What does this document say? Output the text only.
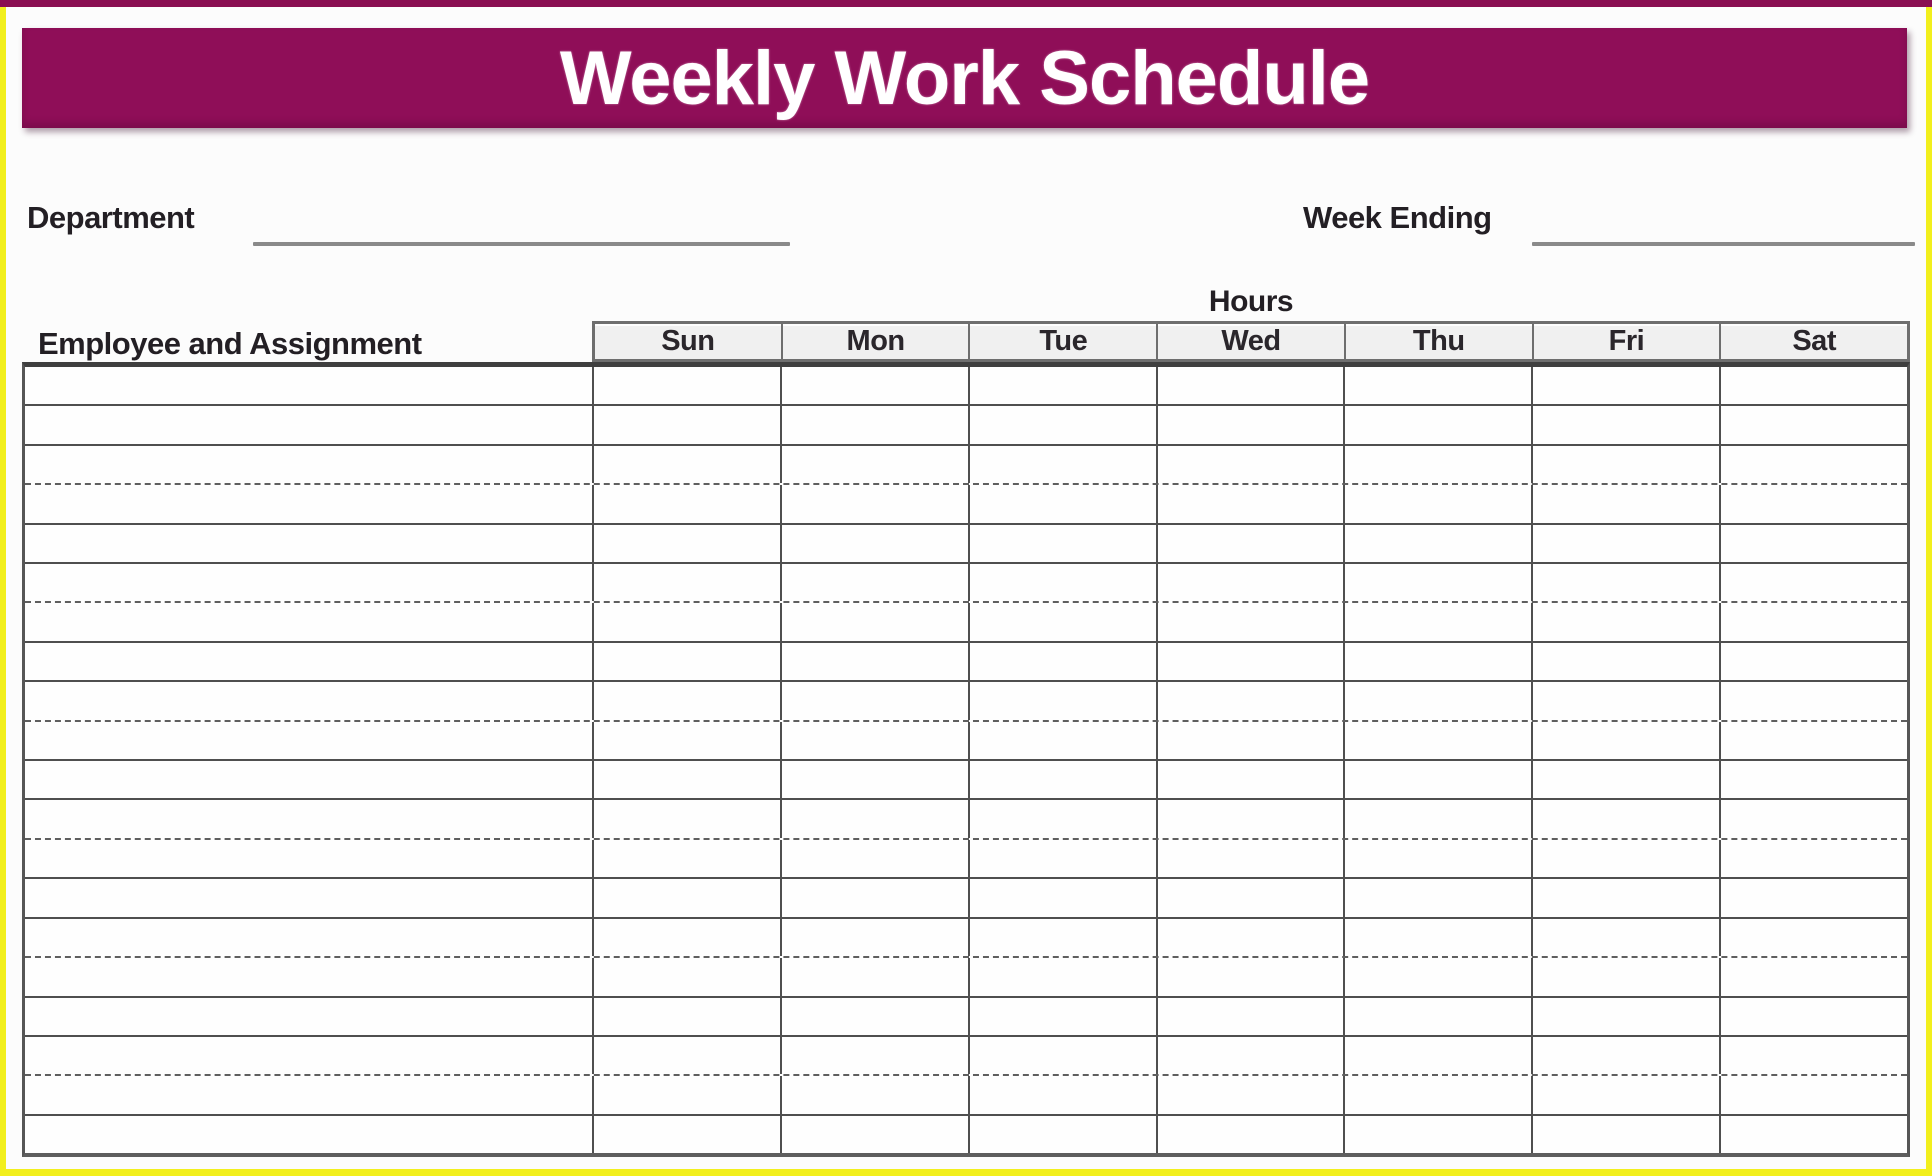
Weekly Work Schedule
Department	Week Ending
Hours
Employee and Assignment	Sun	Mon	Tue	Wed	Thu	Fri	Sat
